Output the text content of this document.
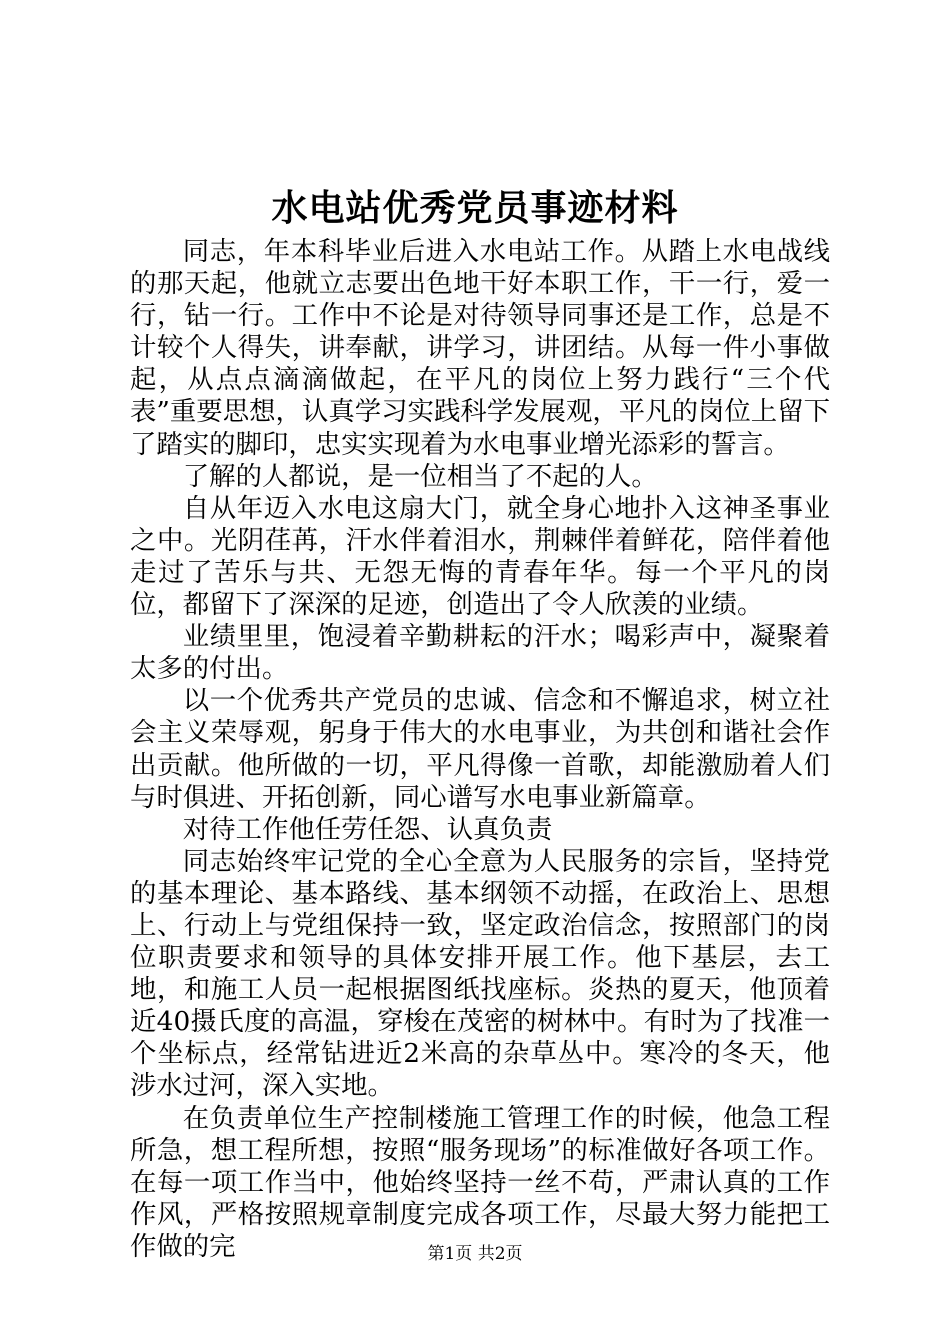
水电站优秀党员事迹材料

同志，年本科毕业后进入水电站工作。从踏上水电战线的那天起，他就立志要出色地干好本职工作，干一行，爱一行，钻一行。工作中不论是对待领导同事还是工作，总是不计较个人得失，讲奉献，讲学习，讲团结。从每一件小事做起，从点点滴滴做起，在平凡的岗位上努力践行“三个代表”重要思想，认真学习实践科学发展观，平凡的岗位上留下了踏实的脚印，忠实实现着为水电事业增光添彩的誓言。

了解的人都说，是一位相当了不起的人。

自从年迈入水电这扇大门，就全身心地扑入这神圣事业之中。光阴荏苒，汗水伴着泪水，荆棘伴着鲜花，陪伴着他走过了苦乐与共、无怨无悔的青春年华。每一个平凡的岗位，都留下了深深的足迹，创造出了令人欣羡的业绩。

业绩里里，饱浸着辛勤耕耘的汗水；喝彩声中，凝聚着太多的付出。

以一个优秀共产党员的忠诚、信念和不懈追求，树立社会主义荣辱观，躬身于伟大的水电事业，为共创和谐社会作出贡献。他所做的一切，平凡得像一首歌，却能激励着人们与时俱进、开拓创新，同心谱写水电事业新篇章。

对待工作他任劳任怨、认真负责

同志始终牢记党的全心全意为人民服务的宗旨，坚持党的基本理论、基本路线、基本纲领不动摇，在政治上、思想上、行动上与党组保持一致，坚定政治信念，按照部门的岗位职责要求和领导的具体安排开展工作。他下基层，去工地，和施工人员一起根据图纸找座标。炎热的夏天，他顶着近40摄氏度的高温，穿梭在茂密的树林中。有时为了找准一个坐标点，经常钻进近2米高的杂草丛中。寒冷的冬天，他涉水过河，深入实地。

在负责单位生产控制楼施工管理工作的时候，他急工程所急，想工程所想，按照“服务现场”的标准做好各项工作。在每一项工作当中，他始终坚持一丝不苟，严肃认真的工作作风，严格按照规章制度完成各项工作，尽最大努力能把工作做的完	第1页 共2页
